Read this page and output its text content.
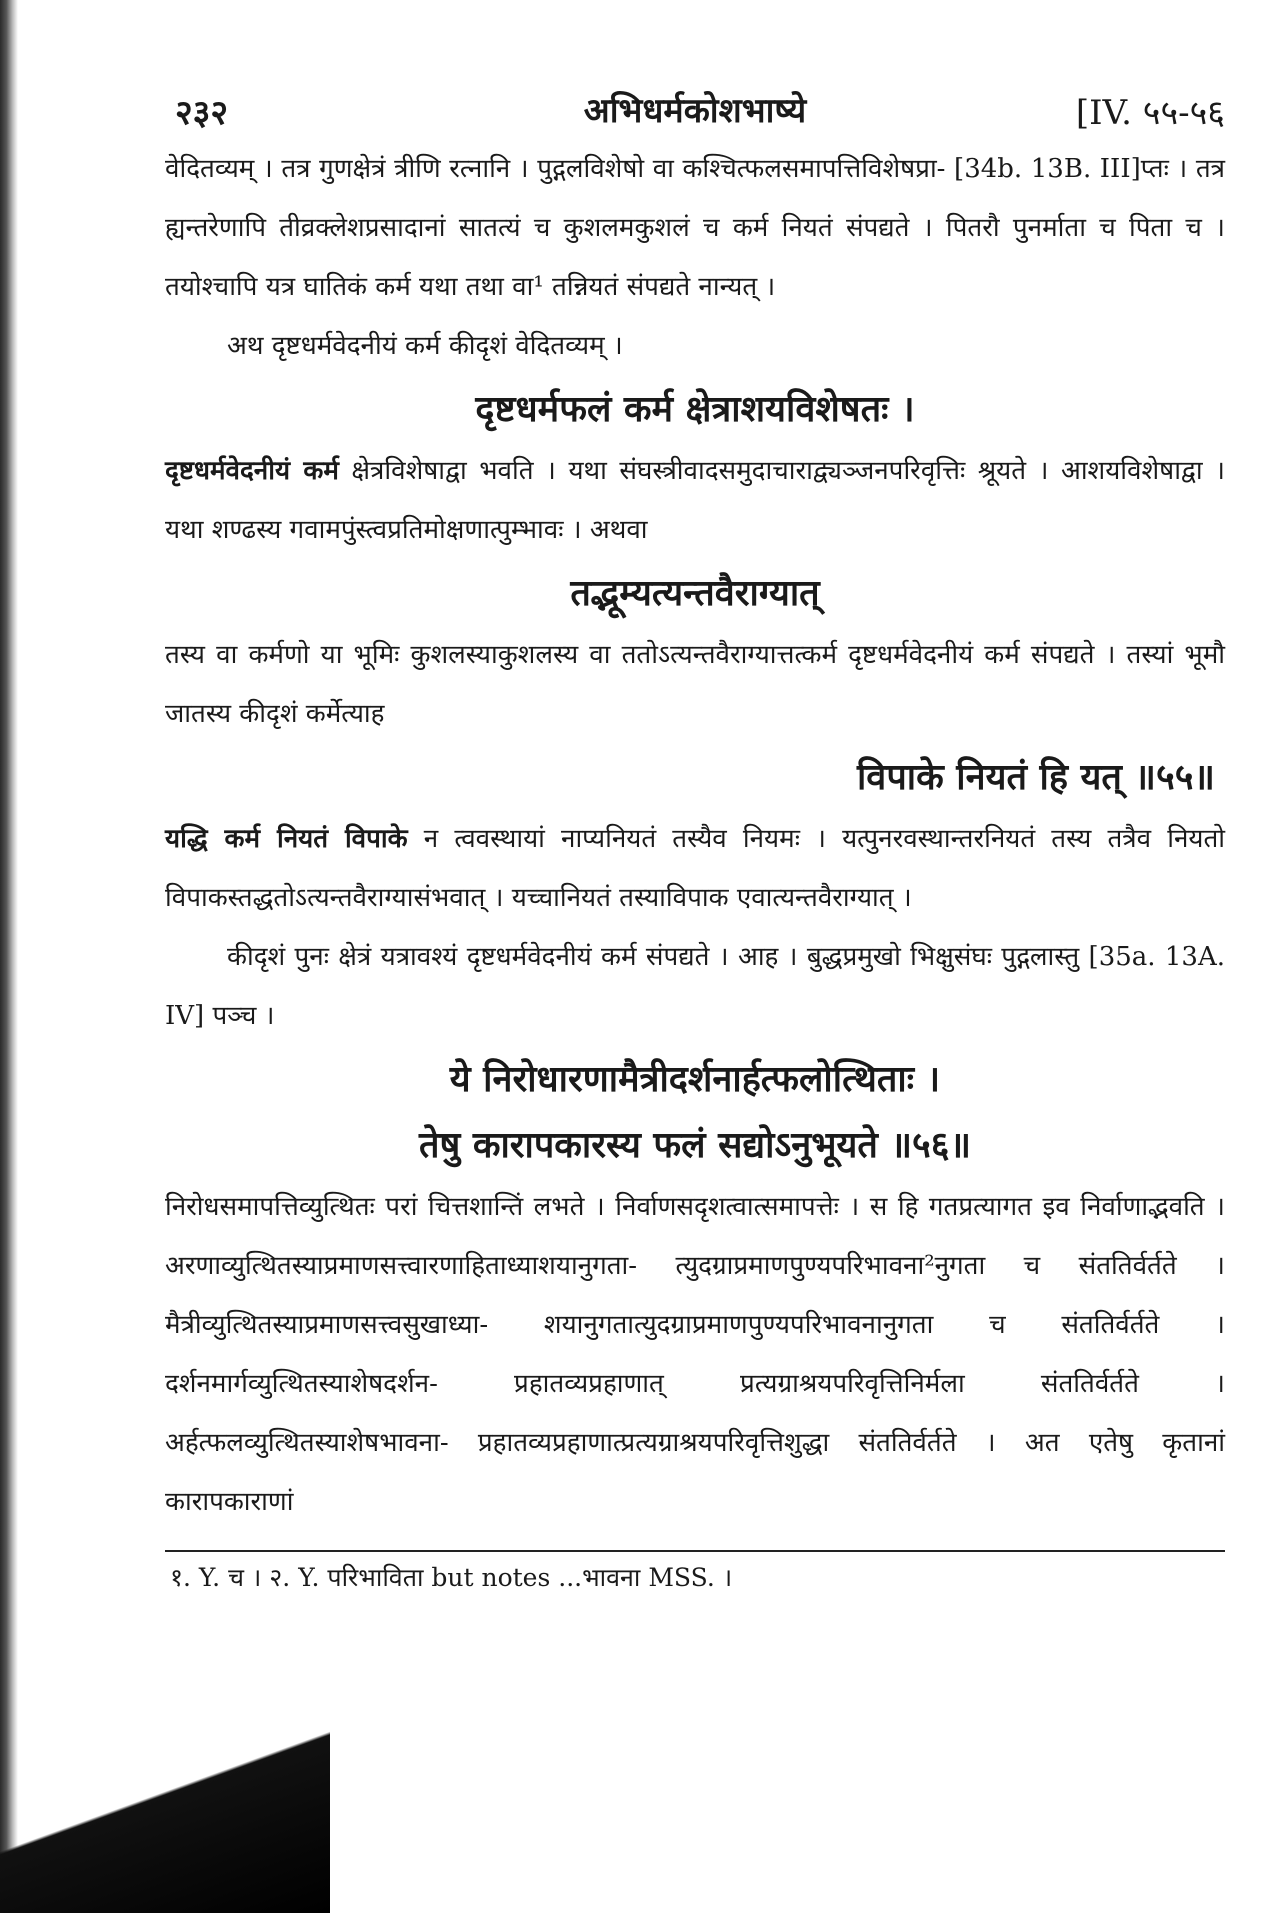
२३२	अभिधर्मकोशभाष्ये	[IV. ५५-५६

वेदितव्यम् । तत्र गुणक्षेत्रं त्रीणि रत्नानि । पुद्गलविशेषो वा कश्चित्फलसमापत्तिविशेषप्रा- [34b. 13B. III]प्तः । तत्र ह्यन्तरेणापि तीव्रक्लेशप्रसादानां सातत्यं च कुशलमकुशलं च कर्म नियतं संपद्यते । पितरौ पुनर्माता च पिता च । तयोश्चापि यत्र घातिकं कर्म यथा तथा वा¹ तन्नियतं संपद्यते नान्यत् ।

अथ दृष्टधर्मवेदनीयं कर्म कीदृशं वेदितव्यम् ।

दृष्टधर्मफलं कर्म क्षेत्राशयविशेषतः ।

दृष्टधर्मवेदनीयं कर्म क्षेत्रविशेषाद्वा भवति । यथा संघस्त्रीवादसमुदाचाराद्व्यञ्जनपरिवृत्तिः श्रूयते । आशयविशेषाद्वा । यथा शण्ढस्य गवामपुंस्त्वप्रतिमोक्षणात्पुम्भावः । अथवा

तद्भूम्यत्यन्तवैराग्यात्

तस्य वा कर्मणो या भूमिः कुशलस्याकुशलस्य वा ततोऽत्यन्तवैराग्यात्तत्कर्म दृष्टधर्मवेदनीयं कर्म संपद्यते । तस्यां भूमौ जातस्य कीदृशं कर्मेत्याह

विपाके नियतं हि यत् ॥५५॥

यद्धि कर्म नियतं विपाके न त्ववस्थायां नाप्यनियतं तस्यैव नियमः । यत्पुनरवस्थान्तरनियतं तस्य तत्रैव नियतो विपाकस्तद्धतोऽत्यन्तवैराग्यासंभवात् । यच्चानियतं तस्याविपाक एवात्यन्तवैराग्यात् ।

कीदृशं पुनः क्षेत्रं यत्रावश्यं दृष्टधर्मवेदनीयं कर्म संपद्यते । आह । बुद्धप्रमुखो भिक्षुसंघः पुद्गलास्तु [35a. 13A. IV] पञ्च ।

ये निरोधारणामैत्रीदर्शनार्हत्फलोत्थिताः ।

तेषु कारापकारस्य फलं सद्योऽनुभूयते ॥५६॥

निरोधसमापत्तिव्युत्थितः परां चित्तशान्तिं लभते । निर्वाणसदृशत्वात्समापत्तेः । स हि गतप्रत्यागत इव निर्वाणाद्भवति । अरणाव्युत्थितस्याप्रमाणसत्त्वारणाहिताध्याशयानुगता- त्युदग्राप्रमाणपुण्यपरिभावना²नुगता च संततिर्वर्तते । मैत्रीव्युत्थितस्याप्रमाणसत्त्वसुखाध्या- शयानुगतात्युदग्राप्रमाणपुण्यपरिभावनानुगता च संततिर्वर्तते । दर्शनमार्गव्युत्थितस्याशेषदर्शन- प्रहातव्यप्रहाणात् प्रत्यग्राश्रयपरिवृत्तिनिर्मला संततिर्वर्तते । अर्हत्फलव्युत्थितस्याशेषभावना- प्रहातव्यप्रहाणात्प्रत्यग्राश्रयपरिवृत्तिशुद्धा संततिर्वर्तते । अत एतेषु कृतानां कारापकाराणां

१. Y. च । २. Y. परिभाविता but notes ...भावना MSS. ।
